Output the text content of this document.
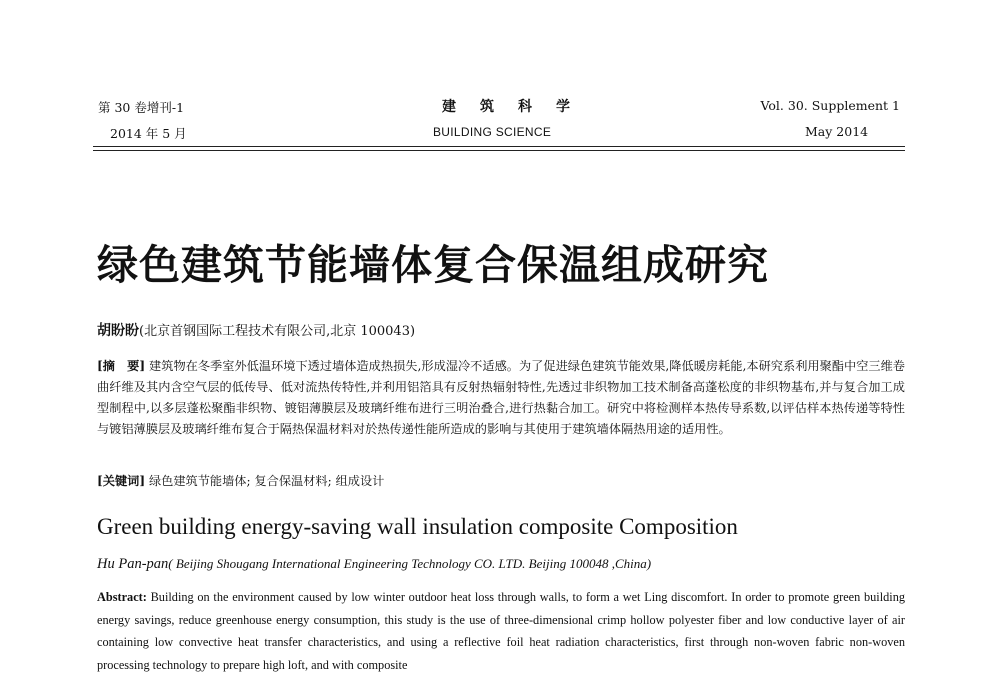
第 30 卷增刊-1
2014 年 5 月
建筑科学
BUILDING SCIENCE
Vol. 30. Supplement 1
May 2014
绿色建筑节能墙体复合保温组成研究
胡盼盼(北京首钢国际工程技术有限公司,北京 100043)
[摘　要] 建筑物在冬季室外低温环境下透过墙体造成热损失,形成湿冷不适感。为了促进绿色建筑节能效果,降低暖房耗能,本研究系利用聚酯中空三维卷曲纤维及其内含空气层的低传导、低对流热传特性,并利用铝箔具有反射热辐射特性,先透过非织物加工技术制备高蓬松度的非织物基布,并与复合加工成型制程中,以多层蓬松聚酯非织物、镀铝薄膜层及玻璃纤维布进行三明治叠合,进行热黏合加工。研究中将检测样本热传导系数,以评估样本热传递等特性与镀铝薄膜层及玻璃纤维布复合于隔热保温材料对於热传递性能所造成的影响与其使用于建筑墙体隔热用途的适用性。
[关键词] 绿色建筑节能墙体; 复合保温材料; 组成设计
Green building energy-saving wall insulation composite Composition
Hu Pan-pan( Beijing Shougang International Engineering Technology CO. LTD. Beijing 100048 ,China)
Abstract: Building on the environment caused by low winter outdoor heat loss through walls, to form a wet Ling discomfort. In order to promote green building energy savings, reduce greenhouse energy consumption, this study is the use of three-dimensional crimp hollow polyester fiber and low conductive layer of air containing low convective heat transfer characteristics, and using a reflective foil heat radiation characteristics, first through non-woven fabric non-woven processing technology to prepare high loft, and with composite
